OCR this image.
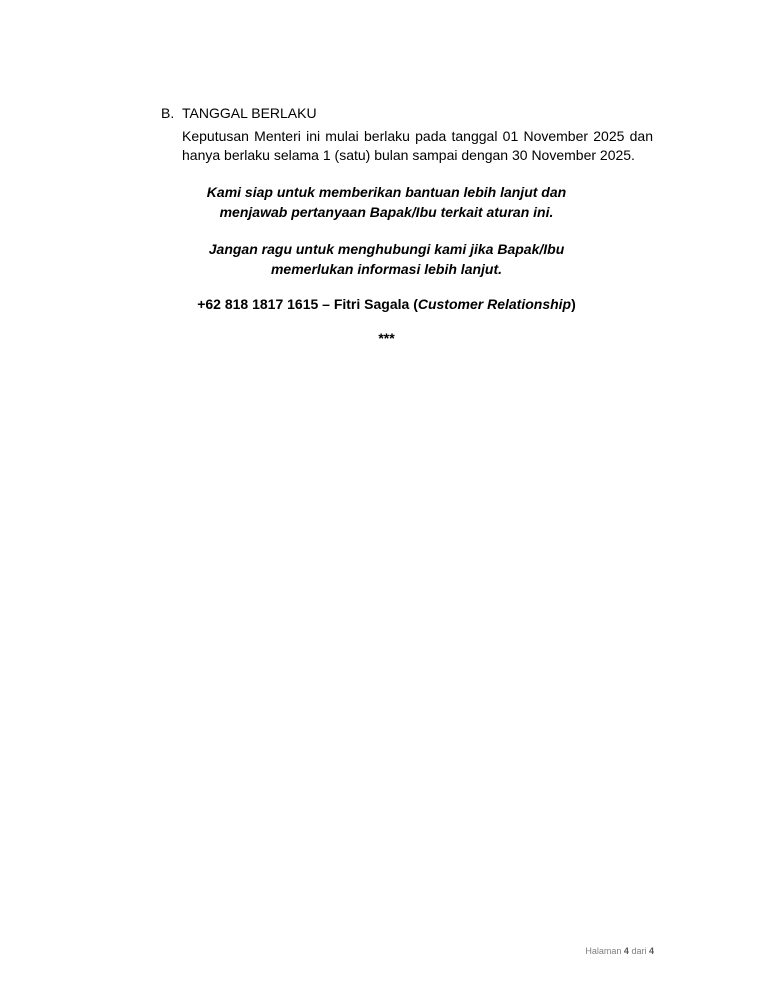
B. TANGGAL BERLAKU
Keputusan Menteri ini mulai berlaku pada tanggal 01 November 2025 dan hanya berlaku selama 1 (satu) bulan sampai dengan 30 November 2025.
Kami siap untuk memberikan bantuan lebih lanjut dan
menjawab pertanyaan Bapak/Ibu terkait aturan ini.
Jangan ragu untuk menghubungi kami jika Bapak/Ibu
memerlukan informasi lebih lanjut.
+62 818 1817 1615 – Fitri Sagala (Customer Relationship)
***
Halaman 4 dari 4
